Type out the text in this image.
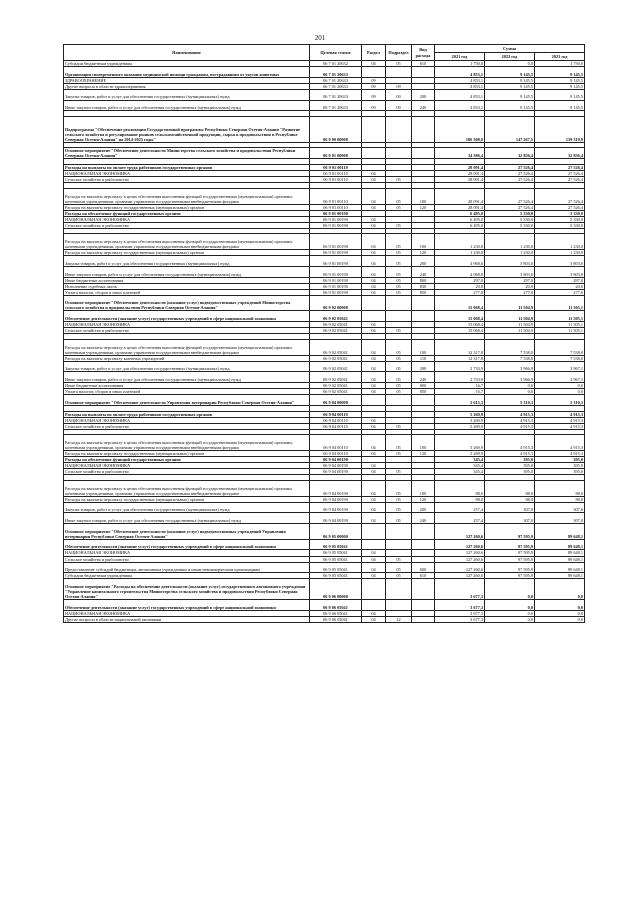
201
Наименование	Целевая статья	Раздел	Подраздел	Вид расхода	Сумма		
					2021 год	2022 год	2023 год
Субсидии бюджетным учреждениям	06 7 01 20632	04	05	610	1 750,0	0,0	1 750,0
Организация своевременного оказания медицинской помощи гражданам, пострадавшим от укусов животных	06 7 01 20633				4 853,1	9 145,5	9 145,5
ЗДРАВООХРАНЕНИЕ	06 7 01 20633	09			4 853,1	9 145,5	9 145,5
Другие вопросы в области здравоохранения	06 7 01 20633	09	09		4 853,1	9 145,5	9 145,5
Закупка товаров, работ и услуг для обеспечения государственных (муниципальных) нужд	06 7 01 20633	09	09	200	4 853,1	9 145,5	9 145,5
Иные закупки товаров, работ и услуг для обеспечения государственных (муниципальных) нужд	06 7 01 20633	09	09	240	4 853,1	9 145,5	9 145,5

Подпрограмма "Обеспечение реализации Государственной программы Республики Северная Осетия-Алания "Развитие сельского хозяйства и регулирование рынков сельскохозяйственной продукции, сырья и продовольствия в Республике Северная Осетия-Алания" на 2014-2025 годы"	06 9 00 00000				186 308,0	147 267,5	139 319,9

Основное мероприятие "Обеспечение деятельности Министерства сельского хозяйства и продовольствия Республики Северная Осетия-Алания"	06 9 01 00000				34 386,4	32 856,4	32 856,4

Расходы на выплаты по оплате труда работников государственных органов	06 9 01 00110				28 091,4	27 526,4	27 526,4
НАЦИОНАЛЬНАЯ ЭКОНОМИКА	06 9 01 00110	04			28 091,4	27 526,4	27 526,4
Сельское хозяйство и рыболовство	06 9 01 00110	04	05		28 091,4	27 526,4	27 526,4

Расходы на выплаты персоналу в целях обеспечения выполнения функций государственными (муниципальными) органами, казенными учреждениями, органами управления государственными внебюджетными фондами	06 9 01 00110	04	05	100	28 091,4	27 526,4	27 526,4
Расходы на выплаты персоналу государственных (муниципальных) органов	06 9 01 00110	04	05	120	28 091,4	27 526,4	27 526,4
Расходы на обеспечение функций государственных органов	06 9 01 00190				6 495,0	5 330,0	5 330,0
НАЦИОНАЛЬНАЯ ЭКОНОМИКА	06 9 01 00190	04			6 495,0	5 330,0	5 330,0
Сельское хозяйство и рыболовство	06 9 01 00190	04	05		6 495,0	5 330,0	5 330,0

Расходы на выплаты персоналу в целях обеспечения выполнения функций государственными (муниципальными) органами, казенными учреждениями, органами управления государственными внебюджетными фондами	06 9 01 00190	04	05	100	1 230,0	1 230,0	1 230,0
Расходы на выплаты персоналу государственных (муниципальных) органов	06 9 01 00190	04	05	120	1 230,0	1 230,0	1 230,0
Закупка товаров, работ и услуг для обеспечения государственных (муниципальных) нужд	06 9 01 00190	04	05	200	4 968,0	3 803,0	3 803,0
Иные закупки товаров, работ и услуг для обеспечения государственных (муниципальных) нужд	06 9 01 00190	04	05	240	4 968,0	3 803,0	3 803,0
Иные бюджетные ассигнования	06 9 01 00190	04	05	800	297,0	297,0	297,0
Исполнение судебных актов	06 9 01 00190	04	05	830	20,0	20,0	20,0
Уплата налогов, сборов и иных платежей	06 9 01 00190	04	05	850	277,0	277,0	277,0
Основное мероприятие "Обеспечение деятельности (оказание услуг) подведомственных учреждений Министерства сельского хозяйства и продовольствия Республики Северная Осетия-Алания"	06 9 02 00000				15 068,4	11 504,9	11 505,1
Обеспечение деятельности (оказание услуг) государственных учреждений в сфере национальной экономики	06 9 02 05041				15 068,4	11 504,9	11 505,1
НАЦИОНАЛЬНАЯ ЭКОНОМИКА	06 9 02 05041	04			15 068,4	11 504,9	11 505,1
Сельское хозяйство и рыболовство	06 9 02 05041	04	05		15 068,4	11 504,9	11 505,1

Расходы на выплаты персоналу в целях обеспечения выполнения функций государственными (муниципальными) органами, казенными учреждениями, органами управления государственными внебюджетными фондами	06 9 02 05041	04	05	100	12 317,8	7 538,0	7 538,0
Расходы на выплаты персоналу казенных учреждений	06 9 02 05041	04	05	110	12 317,8	7 538,0	7 538,0
Закупка товаров, работ и услуг для обеспечения государственных (муниципальных) нужд	06 9 02 05041	04	05	200	2 733,9	3 966,9	3 967,1
Иные закупки товаров, работ и услуг для обеспечения государственных (муниципальных) нужд	06 9 02 05041	04	05	240	2 733,9	3 966,9	3 967,1
Иные бюджетные ассигнования	06 9 02 05041	04	05	800	16,7	0,0	0,0
Уплата налогов, сборов и иных платежей	06 9 02 05041	04	05	850	16,7	0,0	0,0
Основное мероприятие "Обеспечение деятельности Управления ветеринарии Республики Северная Осетия-Алания"	06 9 04 00000				5 615,3	5 310,3	5 310,3

Расходы на выплаты по оплате труда работников государственных органов	06 9 04 00110				5 269,9	4 915,3	4 915,3
НАЦИОНАЛЬНАЯ ЭКОНОМИКА	06 9 04 00110	04			5 269,9	4 915,3	4 915,3
Сельское хозяйство и рыболовство	06 9 04 00110	04	05		5 269,9	4 915,3	4 915,3

Расходы на выплаты персоналу в целях обеспечения выполнения функций государственными (муниципальными) органами, казенными учреждениями, органами управления государственными внебюджетными фондами	06 9 04 00110	04	05	100	5 269,9	4 915,3	4 915,3
Расходы на выплаты персоналу государственных (муниципальных) органов	06 9 04 00110	04	05	120	5 269,9	4 915,3	4 915,3
Расходы на обеспечение функций государственных органов	06 9 04 00190				345,4	395,0	395,0
НАЦИОНАЛЬНАЯ ЭКОНОМИКА	06 9 04 00190	04			345,4	395,0	395,0
Сельское хозяйство и рыболовство	06 9 04 00190	04	05		345,4	395,0	395,0

Расходы на выплаты персоналу в целях обеспечения выполнения функций государственными (муниципальными) органами, казенными учреждениями, органами управления государственными внебюджетными фондами	06 9 04 00190	04	05	100	88,0	88,0	88,0
Расходы на выплаты персоналу государственных (муниципальных) органов	06 9 04 00190	04	05	120	88,0	88,0	88,0
Закупка товаров, работ и услуг для обеспечения государственных (муниципальных) нужд	06 9 04 00190	04	05	200	257,4	307,0	307,0
Иные закупки товаров, работ и услуг для обеспечения государственных (муниципальных) нужд	06 9 04 00190	04	05	240	257,4	307,0	307,0
Основное мероприятие "Обеспечение деятельности (оказание услуг) подведомственных учреждений Управления ветеринарии Республики Северная Осетия-Алания"	06 9 05 00000				127 260,6	97 595,9	89 648,1
Обеспечение деятельности (оказание услуг) государственных учреждений в сфере национальной экономики	06 9 05 05041				127 260,6	97 595,9	89 648,1
НАЦИОНАЛЬНАЯ ЭКОНОМИКА	06 9 05 05041	04			127 260,6	97 595,9	89 648,1
Сельское хозяйство и рыболовство	06 9 05 05041	04	05		127 260,6	97 595,9	89 648,1
Предоставление субсидий бюджетным, автономным учреждениям и иным некоммерческим организациям	06 9 05 05041	04	05	600	127 260,6	97 595,9	89 648,1
Субсидии бюджетным учреждениям	06 9 05 05041	04	05	610	127 260,6	97 595,9	89 648,1
Основное мероприятие "Расходы на обеспечение деятельности (оказание услуг) государственного автономного учреждения "Управление капитального строительства Министерства сельского хозяйства и продовольствия Республики Северная Осетия-Алания"	06 9 06 00000				3 677,3	0,0	0,0
Обеспечение деятельности (оказание услуг) государственных учреждений в сфере национальной экономики	06 9 06 05041				3 677,3	0,0	0,0
НАЦИОНАЛЬНАЯ ЭКОНОМИКА	06 9 06 05041	04			3 677,3	0,0	0,0
Другие вопросы в области национальной экономики	06 9 06 05041	04	12		3 677,3	0,0	0,0
